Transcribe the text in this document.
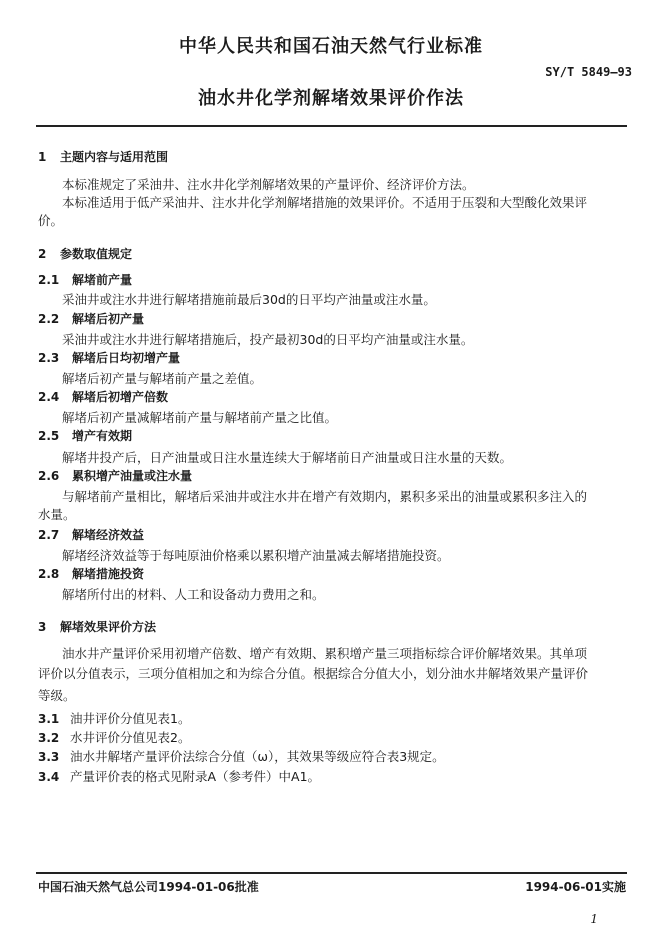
中华人民共和国石油天然气行业标准
SY/T 5849—93
油水井化学剂解堵效果评价作法
1 主题内容与适用范围
本标准规定了采油井、注水井化学剂解堵效果的产量评价、经济评价方法。
本标准适用于低产采油井、注水井化学剂解堵措施的效果评价。不适用于压裂和大型酸化效果评
价。
2 参数取值规定
2.1 解堵前产量
采油井或注水井进行解堵措施前最后30d的日平均产油量或注水量。
2.2 解堵后初产量
采油井或注水井进行解堵措施后，投产最初30d的日平均产油量或注水量。
2.3 解堵后日均初增产量
解堵后初产量与解堵前产量之差值。
2.4 解堵后初增产倍数
解堵后初产量减解堵前产量与解堵前产量之比值。
2.5 增产有效期
解堵井投产后，日产油量或日注水量连续大于解堵前日产油量或日注水量的天数。
2.6 累积增产油量或注水量
与解堵前产量相比，解堵后采油井或注水井在增产有效期内，累积多采出的油量或累积多注入的
水量。
2.7 解堵经济效益
解堵经济效益等于每吨原油价格乘以累积增产油量减去解堵措施投资。
2.8 解堵措施投资
解堵所付出的材料、人工和设备动力费用之和。
3 解堵效果评价方法
油水井产量评价采用初增产倍数、增产有效期、累积增产量三项指标综合评价解堵效果。其单项
评价以分值表示，三项分值相加之和为综合分值。根据综合分值大小，划分油水井解堵效果产量评价
等级。
3.1 油井评价分值见表1。
3.2 水井评价分值见表2。
3.3 油水井解堵产量评价法综合分值（ω），其效果等级应符合表3规定。
3.4 产量评价表的格式见附录A（参考件）中A1。
中国石油天然气总公司1994-01-06批准	1994-06-01实施
1
